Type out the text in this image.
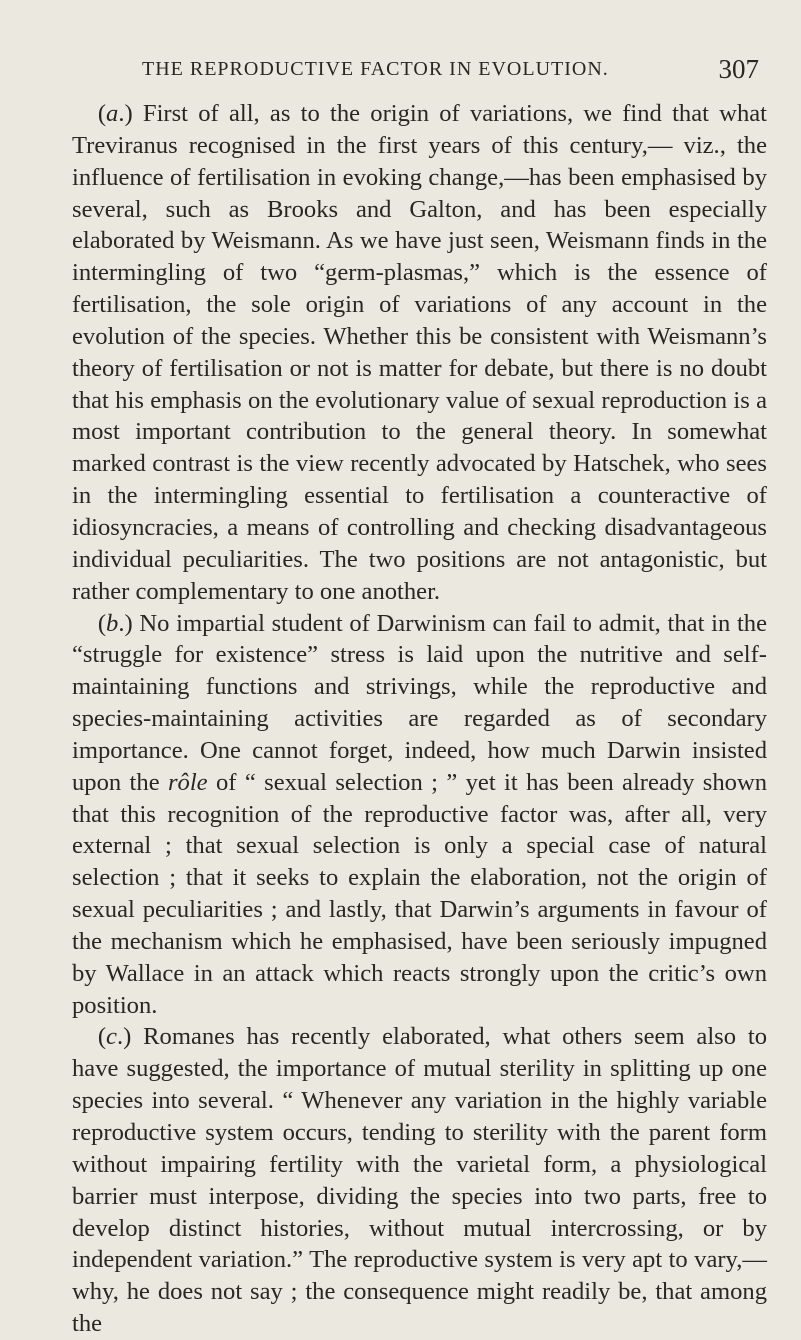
THE REPRODUCTIVE FACTOR IN EVOLUTION.	307

(a.) First of all, as to the origin of variations, we find that what Treviranus recognised in the first years of this century,— viz., the influence of fertilisation in evoking change,—has been emphasised by several, such as Brooks and Galton, and has been especially elaborated by Weismann. As we have just seen, Weismann finds in the intermingling of two “germ-plasmas,” which is the essence of fertilisation, the sole origin of variations of any account in the evolution of the species. Whether this be consistent with Weismann’s theory of fertilisation or not is matter for debate, but there is no doubt that his emphasis on the evolutionary value of sexual reproduction is a most important contribution to the general theory. In somewhat marked contrast is the view recently advocated by Hatschek, who sees in the intermingling essential to fertilisation a counteractive of idiosyncracies, a means of controlling and checking disadvantageous individual peculiarities. The two positions are not antagonistic, but rather complementary to one another.

(b.) No impartial student of Darwinism can fail to admit, that in the “struggle for existence” stress is laid upon the nutritive and self-maintaining functions and strivings, while the reproductive and species-maintaining activities are regarded as of secondary importance. One cannot forget, indeed, how much Darwin insisted upon the rôle of “ sexual selection ; ” yet it has been already shown that this recognition of the reproductive factor was, after all, very external ; that sexual selection is only a special case of natural selection ; that it seeks to explain the elaboration, not the origin of sexual peculiarities ; and lastly, that Darwin’s arguments in favour of the mechanism which he emphasised, have been seriously impugned by Wallace in an attack which reacts strongly upon the critic’s own position.

(c.) Romanes has recently elaborated, what others seem also to have suggested, the importance of mutual sterility in splitting up one species into several. “ Whenever any variation in the highly variable reproductive system occurs, tending to sterility with the parent form without impairing fertility with the varietal form, a physiological barrier must interpose, dividing the species into two parts, free to develop distinct histories, without mutual intercrossing, or by independent variation.” The reproductive system is very apt to vary,—why, he does not say ; the consequence might readily be, that among the
